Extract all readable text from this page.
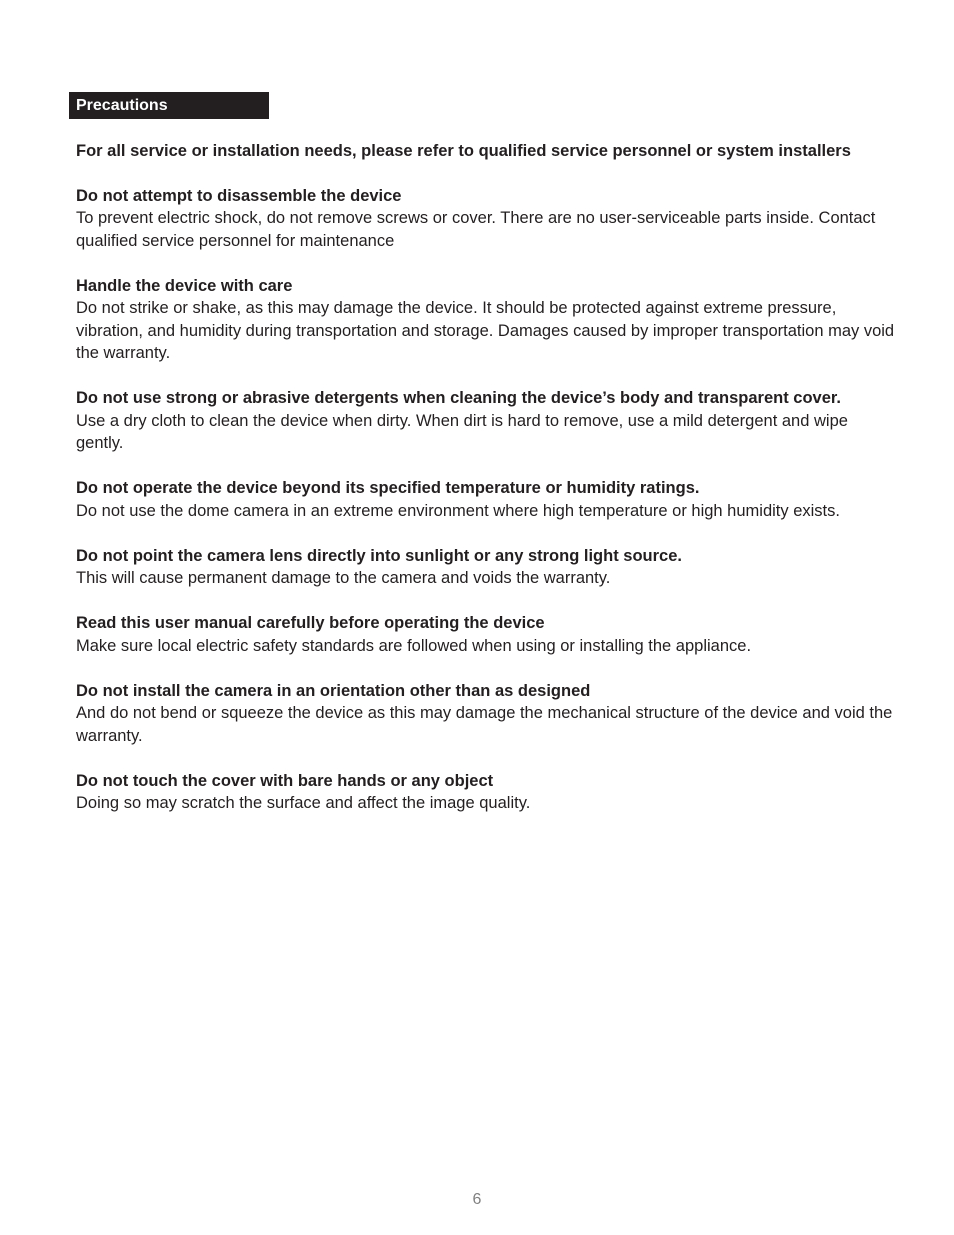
Precautions

For all service or installation needs, please refer to qualified service personnel or system installers

Do not attempt to disassemble the device

To prevent electric shock, do not remove screws or cover. There are no user-serviceable parts inside. Contact qualified service personnel for maintenance

Handle the device with care

Do not strike or shake, as this may damage the device. It should be protected against extreme pressure, vibration, and humidity during transportation and storage. Damages caused by improper transportation may void the warranty.

Do not use strong or abrasive detergents when cleaning the device’s body and transparent cover.

Use a dry cloth to clean the device when dirty. When dirt is hard to remove, use a mild detergent and wipe gently.

Do not operate the device beyond its specified temperature or humidity ratings.

Do not use the dome camera in an extreme environment where high temperature or high humidity exists.

Do not point the camera lens directly into sunlight or any strong light source.

This will cause permanent damage to the camera and voids the warranty.

Read this user manual carefully before operating the device

Make sure local electric safety standards are followed when using or installing the appliance.

Do not install the camera in an orientation other than as designed

And do not bend or squeeze the device as this may damage the mechanical structure of the device and void the warranty.

Do not touch the cover with bare hands or any object

Doing so may scratch the surface and affect the image quality.

6
